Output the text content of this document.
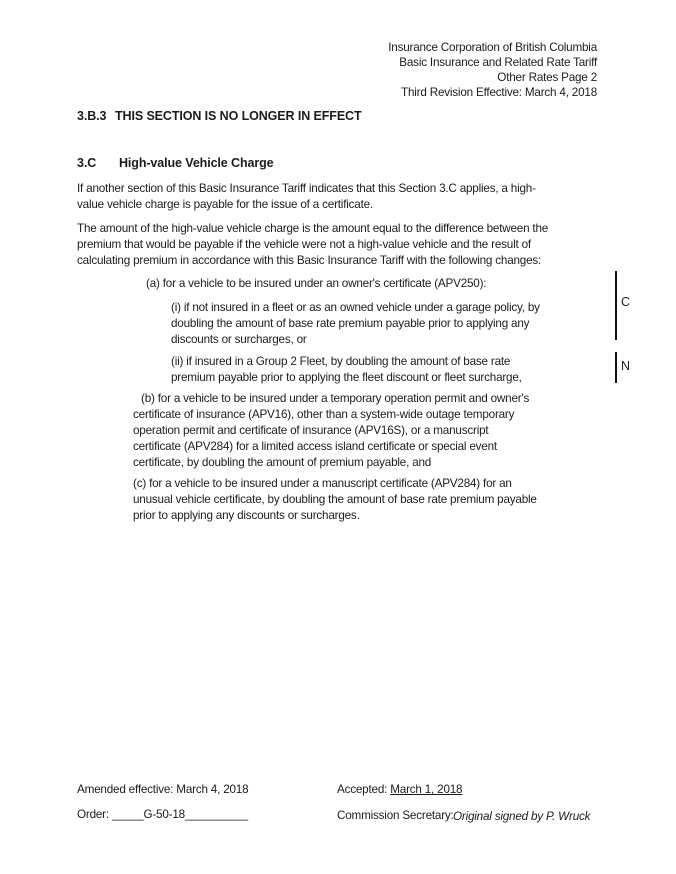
Insurance Corporation of British Columbia
Basic Insurance and Related Rate Tariff
Other Rates Page 2
Third Revision Effective: March 4, 2018
3.B.3 THIS SECTION IS NO LONGER IN EFFECT
3.C High-value Vehicle Charge
If another section of this Basic Insurance Tariff indicates that this Section 3.C applies, a high-
value vehicle charge is payable for the issue of a certificate.
The amount of the high-value vehicle charge is the amount equal to the difference between the
premium that would be payable if the vehicle were not a high-value vehicle and the result of
calculating premium in accordance with this Basic Insurance Tariff with the following changes:
(a) for a vehicle to be insured under an owner's certificate (APV250):
(i) if not insured in a fleet or as an owned vehicle under a garage policy, by
doubling the amount of base rate premium payable prior to applying any
discounts or surcharges, or
(ii) if insured in a Group 2 Fleet, by doubling the amount of base rate
premium payable prior to applying the fleet discount or fleet surcharge,
C
N
(b) for a vehicle to be insured under a temporary operation permit and owner's
certificate of insurance (APV16), other than a system-wide outage temporary
operation permit and certificate of insurance (APV16S), or a manuscript
certificate (APV284) for a limited access island certificate or special event
certificate, by doubling the amount of premium payable, and
(c) for a vehicle to be insured under a manuscript certificate (APV284) for an
unusual vehicle certificate, by doubling the amount of base rate premium payable
prior to applying any discounts or surcharges.
Amended effective: March 4, 2018	Accepted: March 1, 2018
Order: _____G-50-18__________	Commission Secretary: Original signed by P. Wruck
